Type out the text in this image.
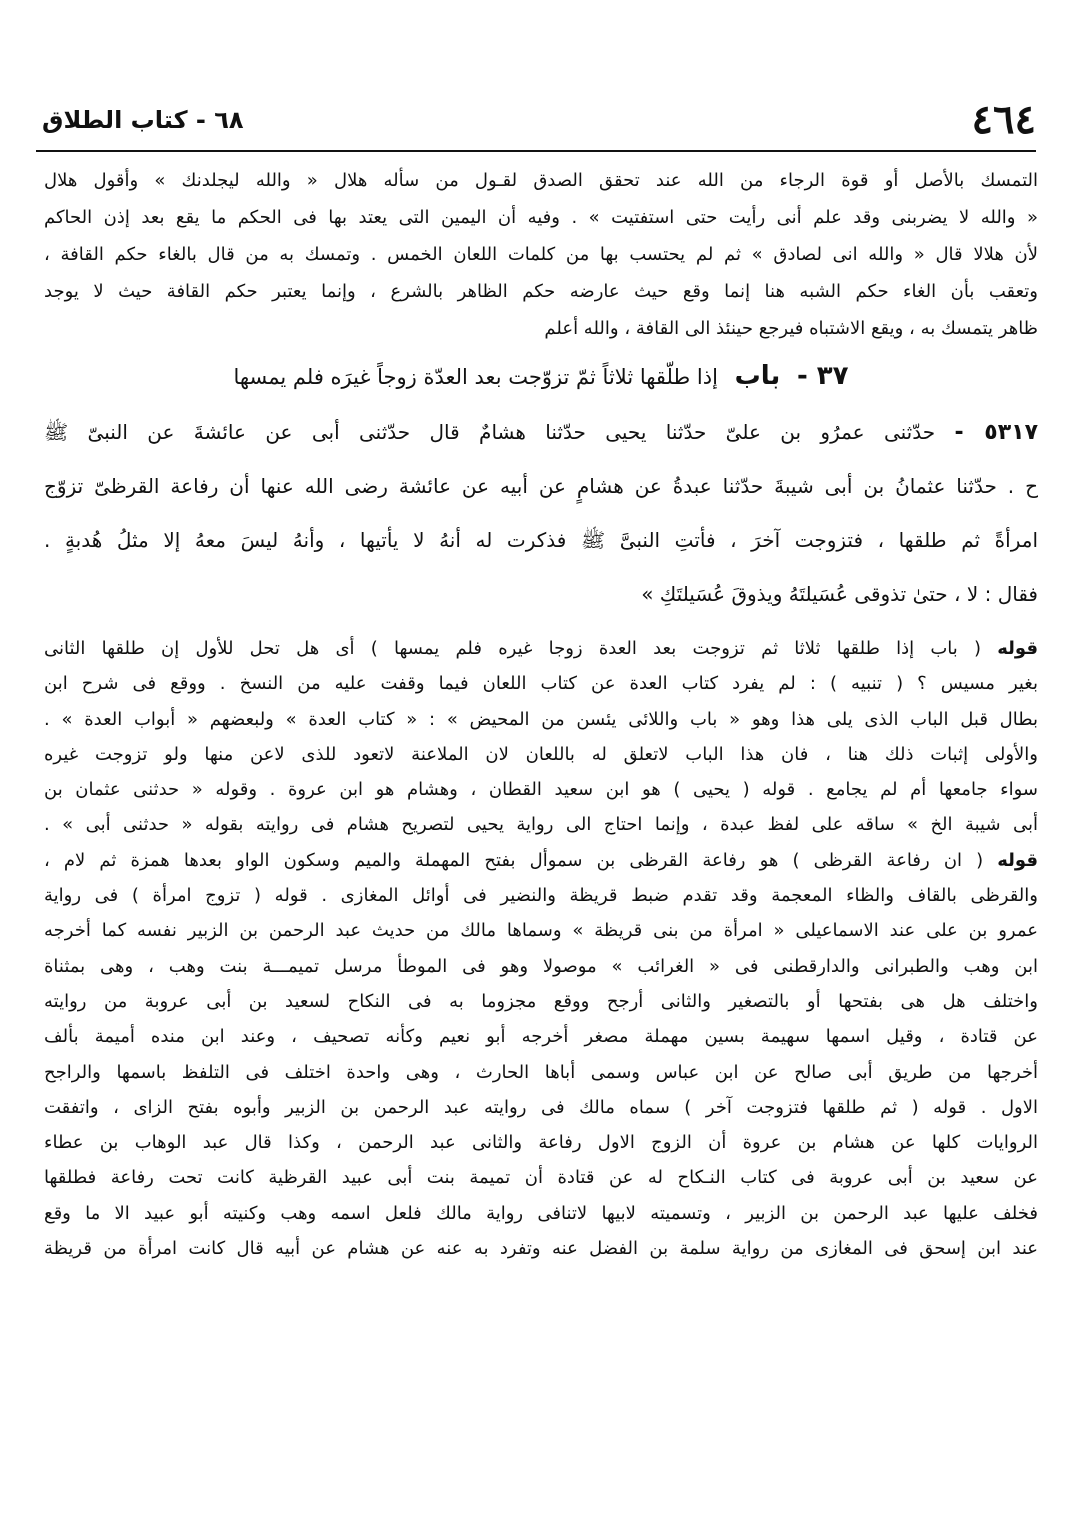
٦٨ - كتاب الطلاق	٤٦٤
التمسك بالأصل أو قوة الرجاء من الله عند تحقق الصدق لقـول من سأله هلال « والله ليجلدنك » وأقول هلال
« والله لا يضربنى وقد علم أنى رأيت حتى استفتيت » . وفيه أن اليمين التى يعتد بها فى الحكم ما يقع بعد إذن الحاكم
لأن هلالا قال « والله انى لصادق » ثم لم يحتسب بها من كلمات اللعان الخمس . وتمسك به من قال بالغاء حكم القافة ،
وتعقب بأن الغاء حكم الشبه هنا إنما وقع حيث عارضه حكم الظاهر بالشرع ، وإنما يعتبر حكم القافة حيث لا يوجد
ظاهر يتمسك به ، ويقع الاشتباه فيرجع حينئذ الى القافة ، والله أعلم
٣٧ - باب إذا طلّقها ثلاثاً ثمّ تزوّجت بعد العدّة زوجاً غيرَه فلم يمسها
٥٣١٧ - حدّثنى عمرُو بن علىّ حدّثنا يحيى حدّثنا هشامٌ قال حدّثنى أبى عن عائشةَ عن النبىّ ﷺ
ح . حدّثنا عثمانُ بن أبى شيبةَ حدّثنا عبدةُ عن هشامٍ عن أبيه عن عائشة رضى الله عنها أن رفاعة القرظىّ تزوّج
امرأةً ثم طلقها ، فتزوجت آخرَ ، فأتتِ النبىَّ ﷺ فذكرت له أنهُ لا يأتيها ، وأنهُ ليسَ معهُ إلا مثلُ هُدبةٍ .
فقال : لا ، حتىٰ تذوقى عُسَيلتَهُ ويذوقَ عُسَيلتَكِ »
قوله ( باب إذا طلقها ثلاثا ثم تزوجت بعد العدة زوجا غيره فلم يمسها ) أى هل تحل للأول إن طلقها الثانى
بغير مسيس ؟ ( تنبيه ) : لم يفرد كتاب العدة عن كتاب اللعان فيما وقفت عليه من النسخ . ووقع فى شرح ابن
بطال قبل الباب الذى يلى هذا وهو « باب واللائى يئسن من المحيض » : « كتاب العدة » ولبعضهم « أبواب العدة » .
والأولى إثبات ذلك هنا ، فان هذا الباب لاتعلق له باللعان لان الملاعنة لاتعود للذى لاعن منها ولو تزوجت غيره
سواء جامعها أم لم يجامع . قوله ( يحيى ) هو ابن سعيد القطان ، وهشام هو ابن عروة . وقوله « حدثنى عثمان بن
أبى شيبة الخ » ساقه على لفظ عبدة ، وإنما احتاج الى رواية يحيى لتصريح هشام فى روايته بقوله « حدثنى أبى » .
قوله ( ان رفاعة القرظى ) هو رفاعة القرظى بن سموأل بفتح المهملة والميم وسكون الواو بعدها همزة ثم لام ،
والقرظى بالقاف والظاء المعجمة وقد تقدم ضبط قريظة والنضير فى أوائل المغازى . قوله ( تزوج امرأة ) فى رواية
عمرو بن على عند الاسماعيلى « امرأة من بنى قريظة » وسماها مالك من حديث عبد الرحمن بن الزبير نفسه كما أخرجه
ابن وهب والطبرانى والدارقطنى فى « الغرائب » موصولا وهو فى الموطأ مرسل تميمـــة بنت وهب ، وهى بمثناة
واختلف هل هى بفتحها أو بالتصغير والثانى أرجح ووقع مجزوما به فى النكاح لسعيد بن أبى عروبة من روايته
عن قتادة ، وقيل اسمها سهيمة بسين مهملة مصغر أخرجه أبو نعيم وكأنه تصحيف ، وعند ابن منده أميمة بألف
أخرجها من طريق أبى صالح عن ابن عباس وسمى أباها الحارث ، وهى واحدة اختلف فى التلفظ باسمها والراجح
الاول . قوله ( ثم طلقها فتزوجت آخر ) سماه مالك فى روايته عبد الرحمن بن الزبير وأبوه بفتح الزاى ، واتفقت
الروايات كلها عن هشام بن عروة أن الزوج الاول رفاعة والثانى عبد الرحمن ، وكذا قال عبد الوهاب بن عطاء
عن سعيد بن أبى عروبة فى كتاب النـكاح له عن قتادة أن تميمة بنت أبى عبيد القرظية كانت تحت رفاعة فطلقها
فخلف عليها عبد الرحمن بن الزبير ، وتسميته لابيها لاتنافى رواية مالك فلعل اسمه وهب وكنيته أبو عبيد الا ما وقع
عند ابن إسحق فى المغازى من رواية سلمة بن الفضل عنه وتفرد به عنه عن هشام عن أبيه قال كانت امرأة من قريظة
